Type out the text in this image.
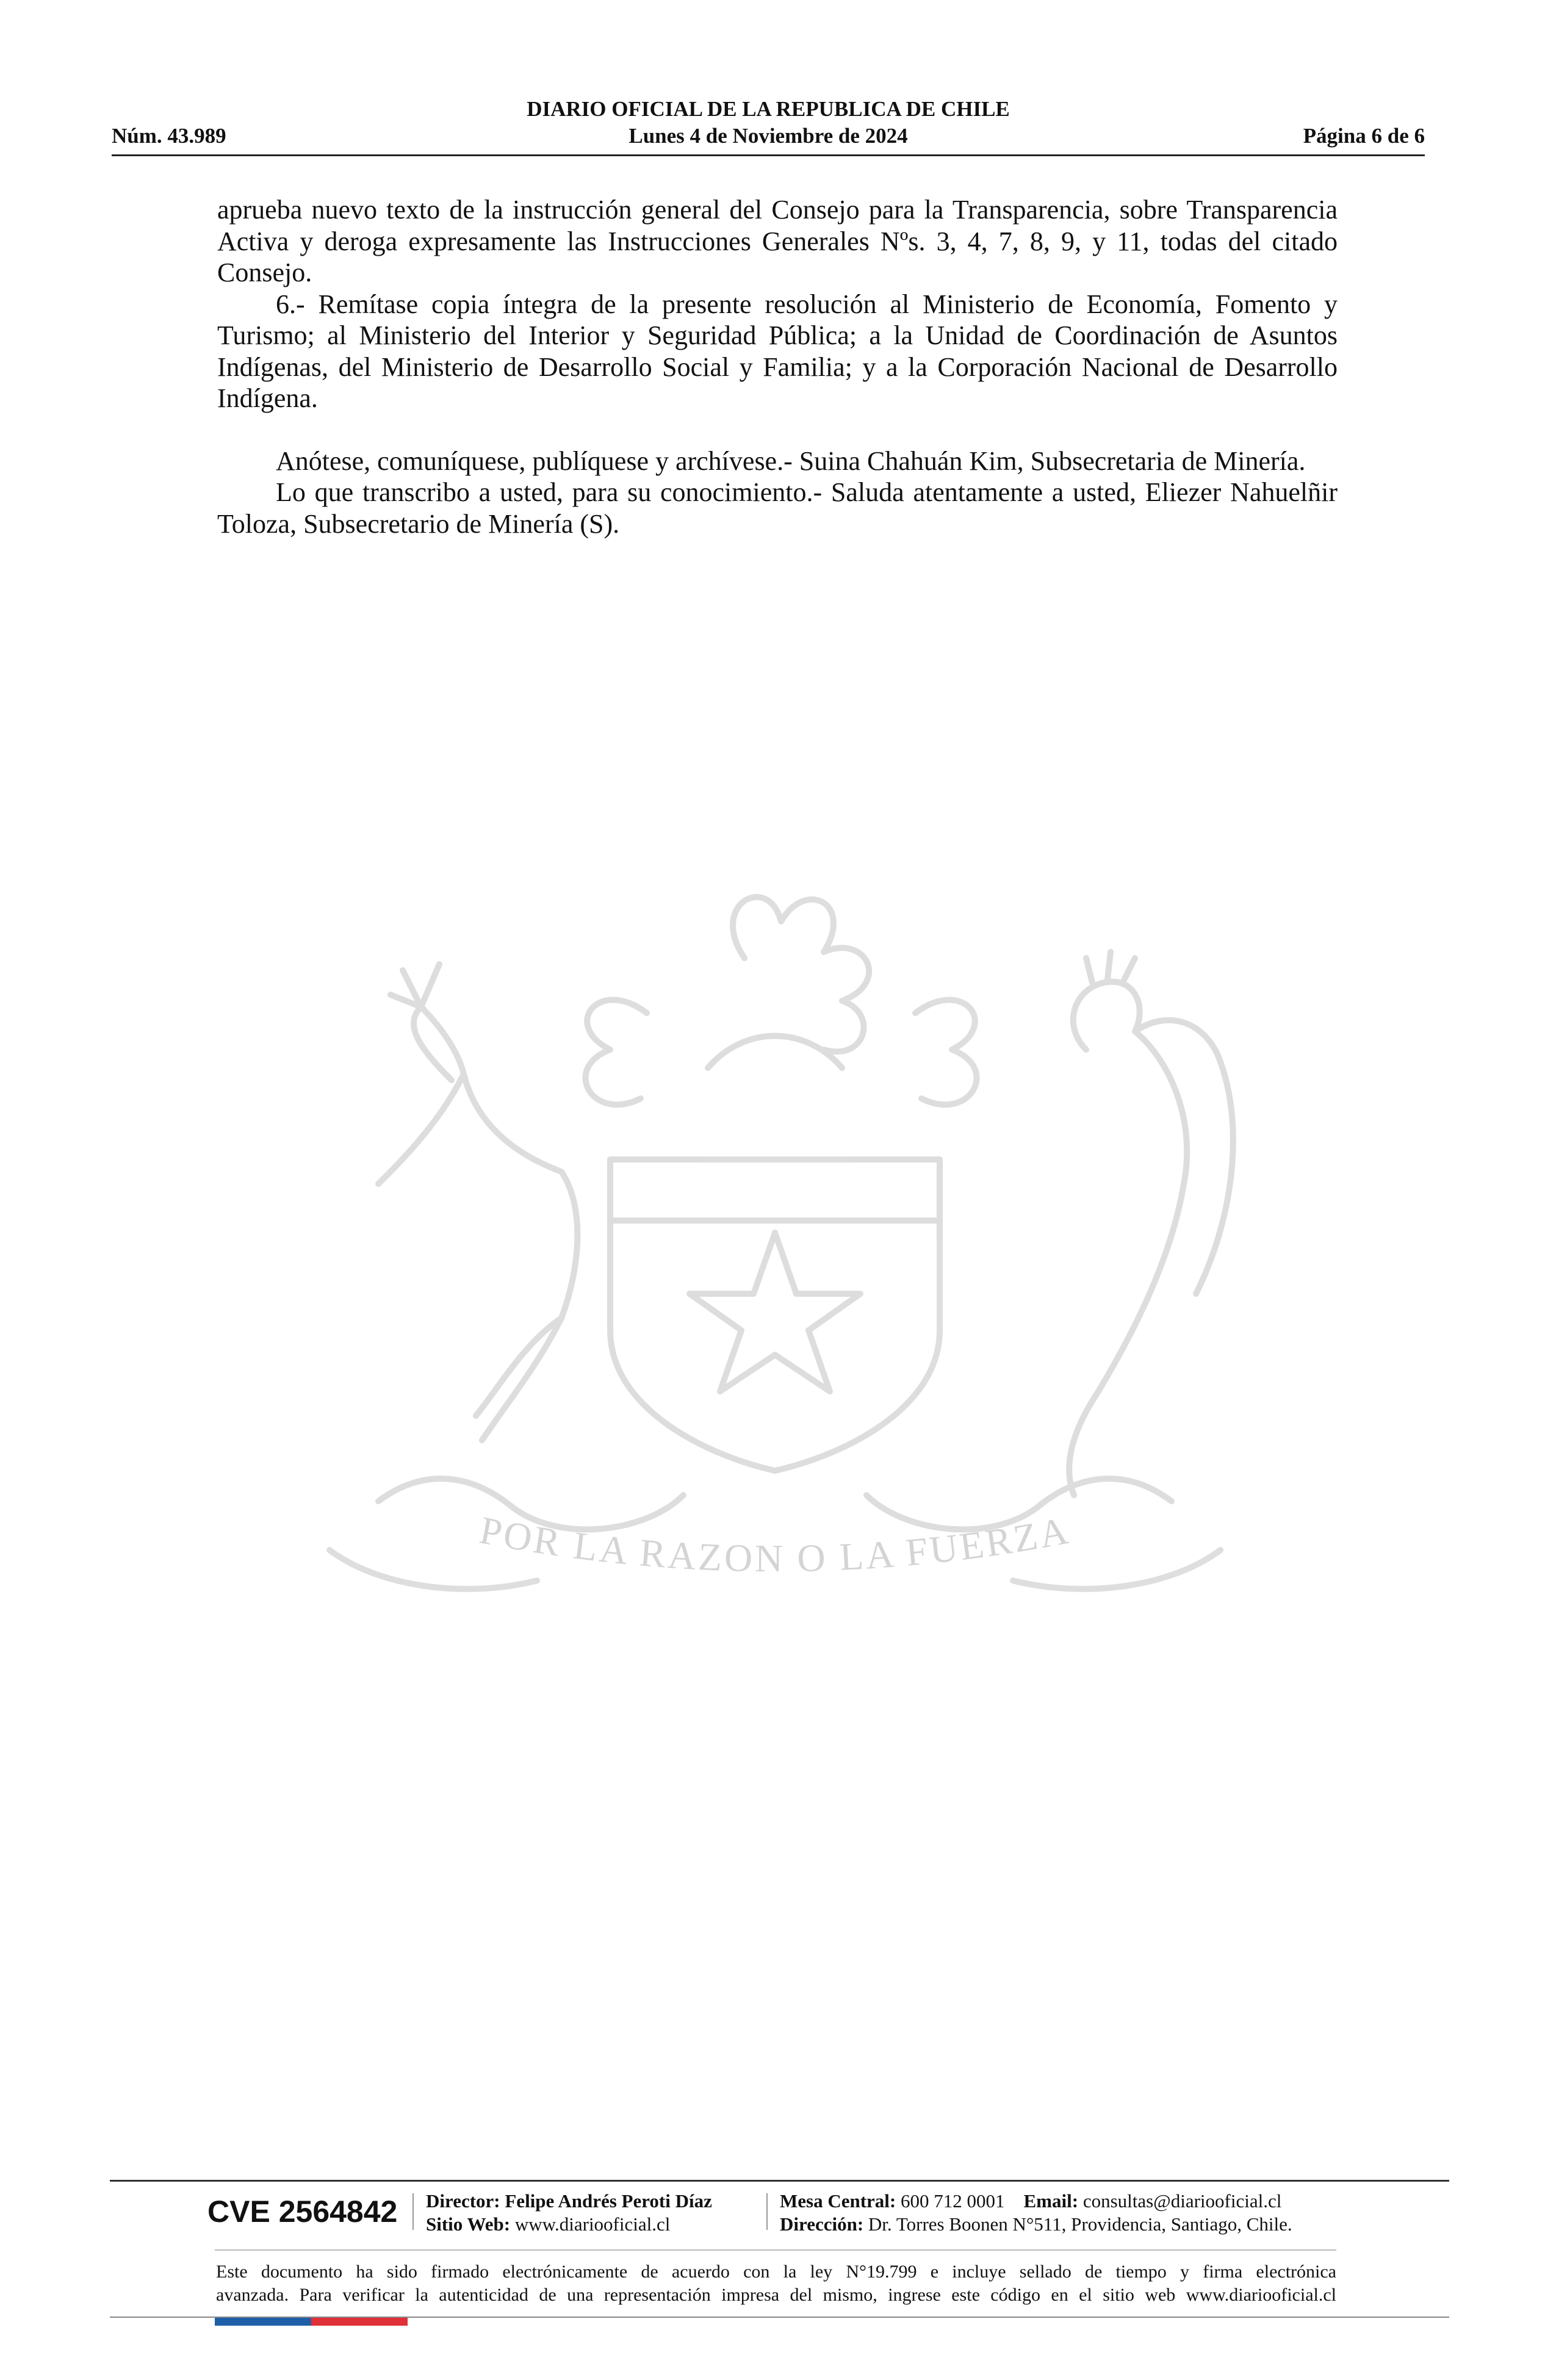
DIARIO OFICIAL DE LA REPUBLICA DE CHILE
Núm. 43.989	Lunes 4 de Noviembre de 2024	Página 6 de 6

aprueba nuevo texto de la instrucción general del Consejo para la Transparencia, sobre Transparencia Activa y deroga expresamente las Instrucciones Generales Nºs. 3, 4, 7, 8, 9, y 11, todas del citado Consejo.

6.- Remítase copia íntegra de la presente resolución al Ministerio de Economía, Fomento y Turismo; al Ministerio del Interior y Seguridad Pública; a la Unidad de Coordinación de Asuntos Indígenas, del Ministerio de Desarrollo Social y Familia; y a la Corporación Nacional de Desarrollo Indígena.

Anótese, comuníquese, publíquese y archívese.- Suina Chahuán Kim, Subsecretaria de Minería.

Lo que transcribo a usted, para su conocimiento.- Saluda atentamente a usted, Eliezer Nahuelñir Toloza, Subsecretario de Minería (S).

POR LA RAZON O LA FUERZA
CVE 2564842 Director: Felipe Andrés Peroti Díaz
Sitio Web: www.diariooficial.cl
Mesa Central: 600 712 0001 Email: consultas@diariooficial.cl
Dirección: Dr. Torres Boonen N°511, Providencia, Santiago, Chile.
Este documento ha sido firmado electrónicamente de acuerdo con la ley N°19.799 e incluye sellado de tiempo y firma electrónica
avanzada. Para verificar la autenticidad de una representación impresa del mismo, ingrese este código en el sitio web www.diariooficial.cl
